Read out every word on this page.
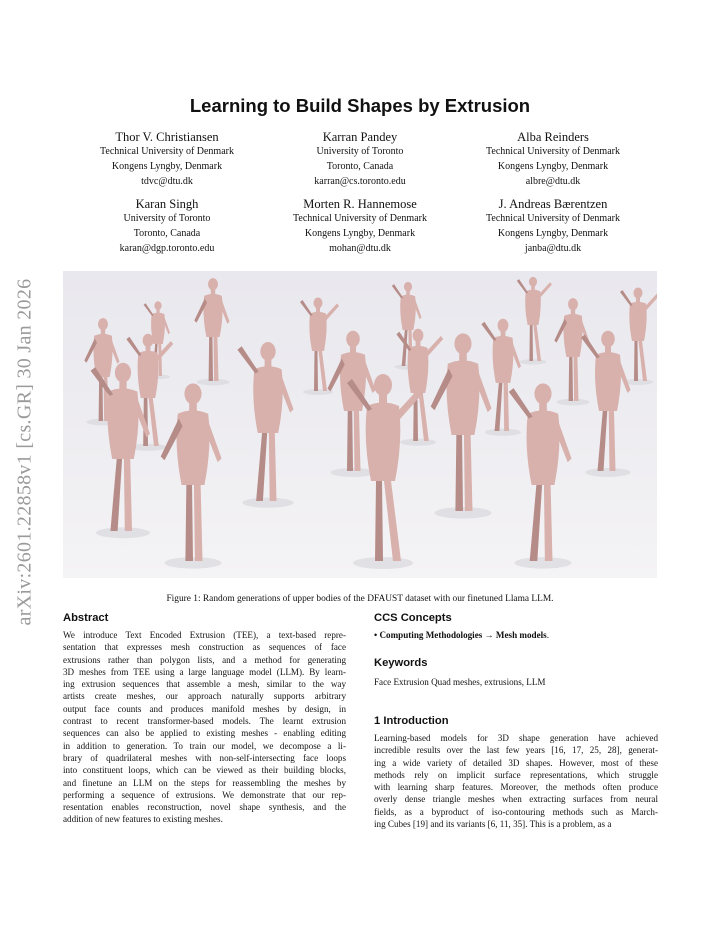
arXiv:2601.22858v1 [cs.GR] 30 Jan 2026
Learning to Build Shapes by Extrusion
Thor V. Christiansen
Technical University of Denmark
Kongens Lyngby, Denmark
tdvc@dtu.dk
Karran Pandey
University of Toronto
Toronto, Canada
karran@cs.toronto.edu
Alba Reinders
Technical University of Denmark
Kongens Lyngby, Denmark
albre@dtu.dk
Karan Singh
University of Toronto
Toronto, Canada
karan@dgp.toronto.edu
Morten R. Hannemose
Technical University of Denmark
Kongens Lyngby, Denmark
mohan@dtu.dk
J. Andreas Bærentzen
Technical University of Denmark
Kongens Lyngby, Denmark
janba@dtu.dk

Figure 1: Random generations of upper bodies of the DFAUST dataset with our finetuned Llama LLM.

Abstract
We introduce Text Encoded Extrusion (TEE), a text-based repre-
sentation that expresses mesh construction as sequences of face
extrusions rather than polygon lists, and a method for generating
3D meshes from TEE using a large language model (LLM). By learn-
ing extrusion sequences that assemble a mesh, similar to the way
artists create meshes, our approach naturally supports arbitrary
output face counts and produces manifold meshes by design, in
contrast to recent transformer-based models. The learnt extrusion
sequences can also be applied to existing meshes - enabling editing
in addition to generation. To train our model, we decompose a li-
brary of quadrilateral meshes with non-self-intersecting face loops
into constituent loops, which can be viewed as their building blocks,
and finetune an LLM on the steps for reassembling the meshes by
performing a sequence of extrusions. We demonstrate that our rep-
resentation enables reconstruction, novel shape synthesis, and the
addition of new features to existing meshes.
CCS Concepts
• Computing Methodologies → Mesh models.
Keywords
Face Extrusion Quad meshes, extrusions, LLM
1 Introduction
Learning-based models for 3D shape generation have achieved
incredible results over the last few years [16, 17, 25, 28], generat-
ing a wide variety of detailed 3D shapes. However, most of these
methods rely on implicit surface representations, which struggle
with learning sharp features. Moreover, the methods often produce
overly dense triangle meshes when extracting surfaces from neural
fields, as a byproduct of iso-contouring methods such as March-
ing Cubes [19] and its variants [6, 11, 35]. This is a problem, as a
